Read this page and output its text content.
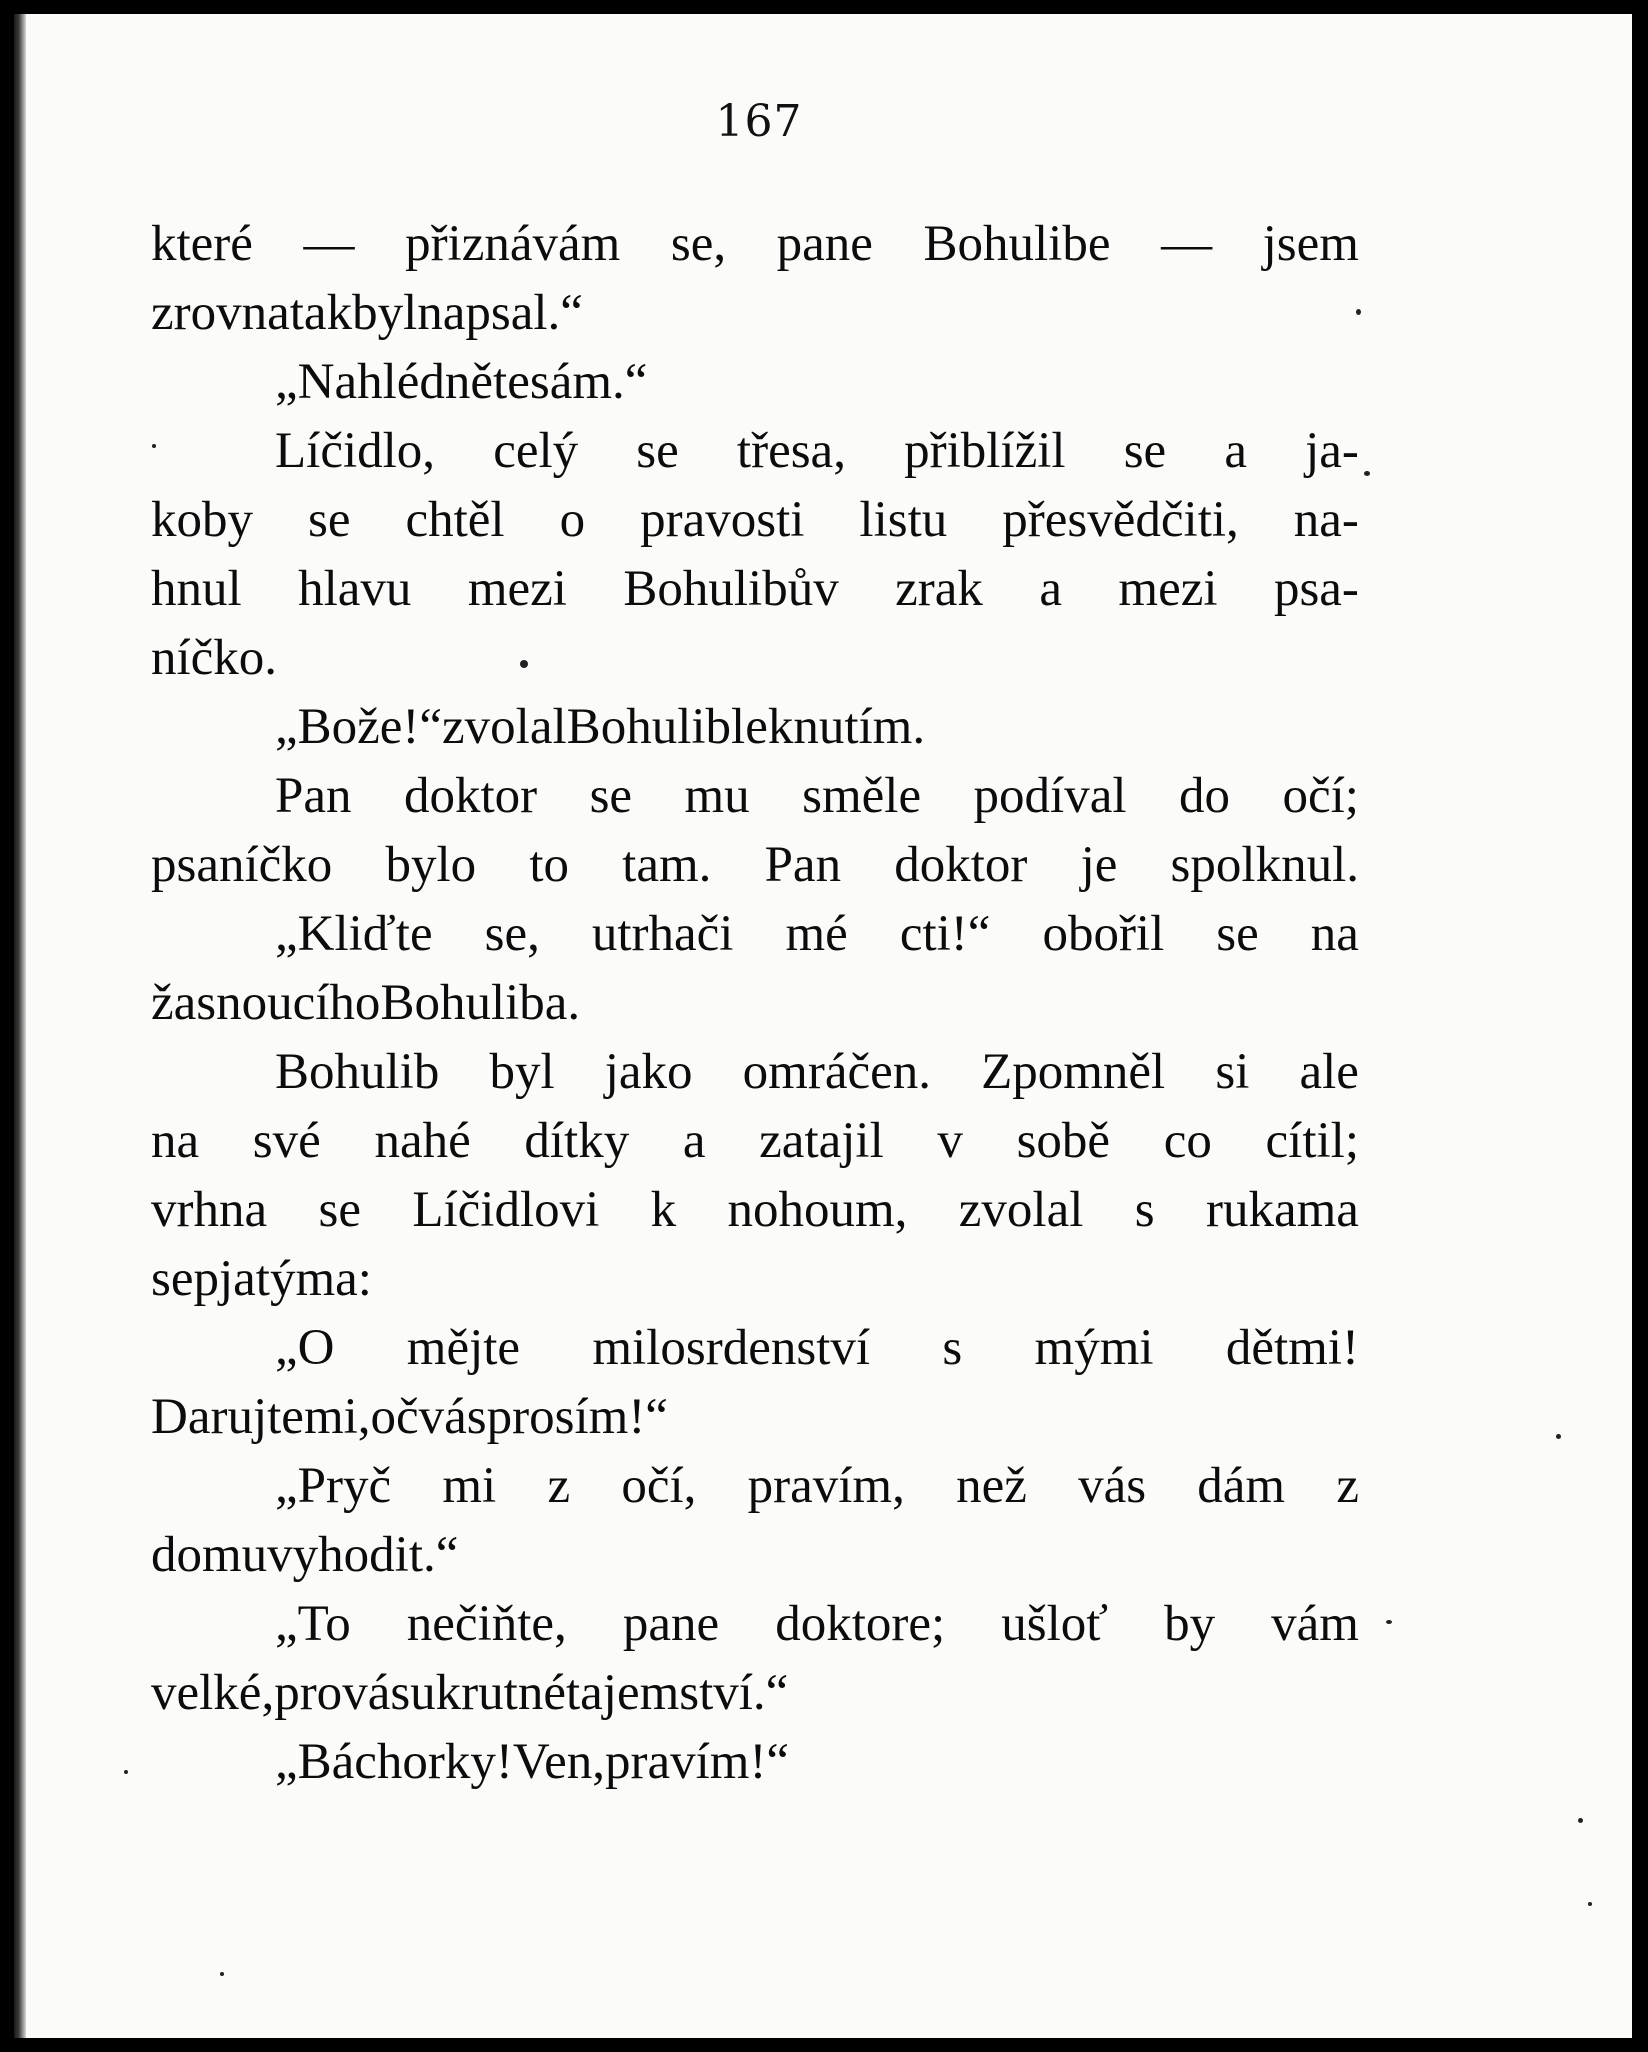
167
které — přiznávám se, pane Bohulibe — jsem
zrovna tak byl napsal.“
„Nahlédněte sám.“
Líčidlo, celý se třesa, přiblížil se a ja-
koby se chtěl o pravosti listu přesvědčiti, na-
hnul hlavu mezi Bohulibův zrak a mezi psa-
níčko.
„Bože!“ zvolal Bohulib leknutím.
Pan doktor se mu směle podíval do očí;
psaníčko bylo to tam. Pan doktor je spolknul.
„Kliďte se, utrhači mé cti!“ obořil se na
žasnoucího Bohuliba.
Bohulib byl jako omráčen. Zpomněl si ale
na své nahé dítky a zatajil v sobě co cítil;
vrhna se Líčidlovi k nohoum, zvolal s rukama
sepjatýma:
„O mějte milosrdenství s mými dětmi!
Darujte mi, oč vás prosím!“
„Pryč mi z očí, pravím, než vás dám z
domu vyhodit.“
„To nečiňte, pane doktore; ušloť by vám
velké, pro vás ukrutné tajemství.“
„Báchorky! Ven, pravím!“
